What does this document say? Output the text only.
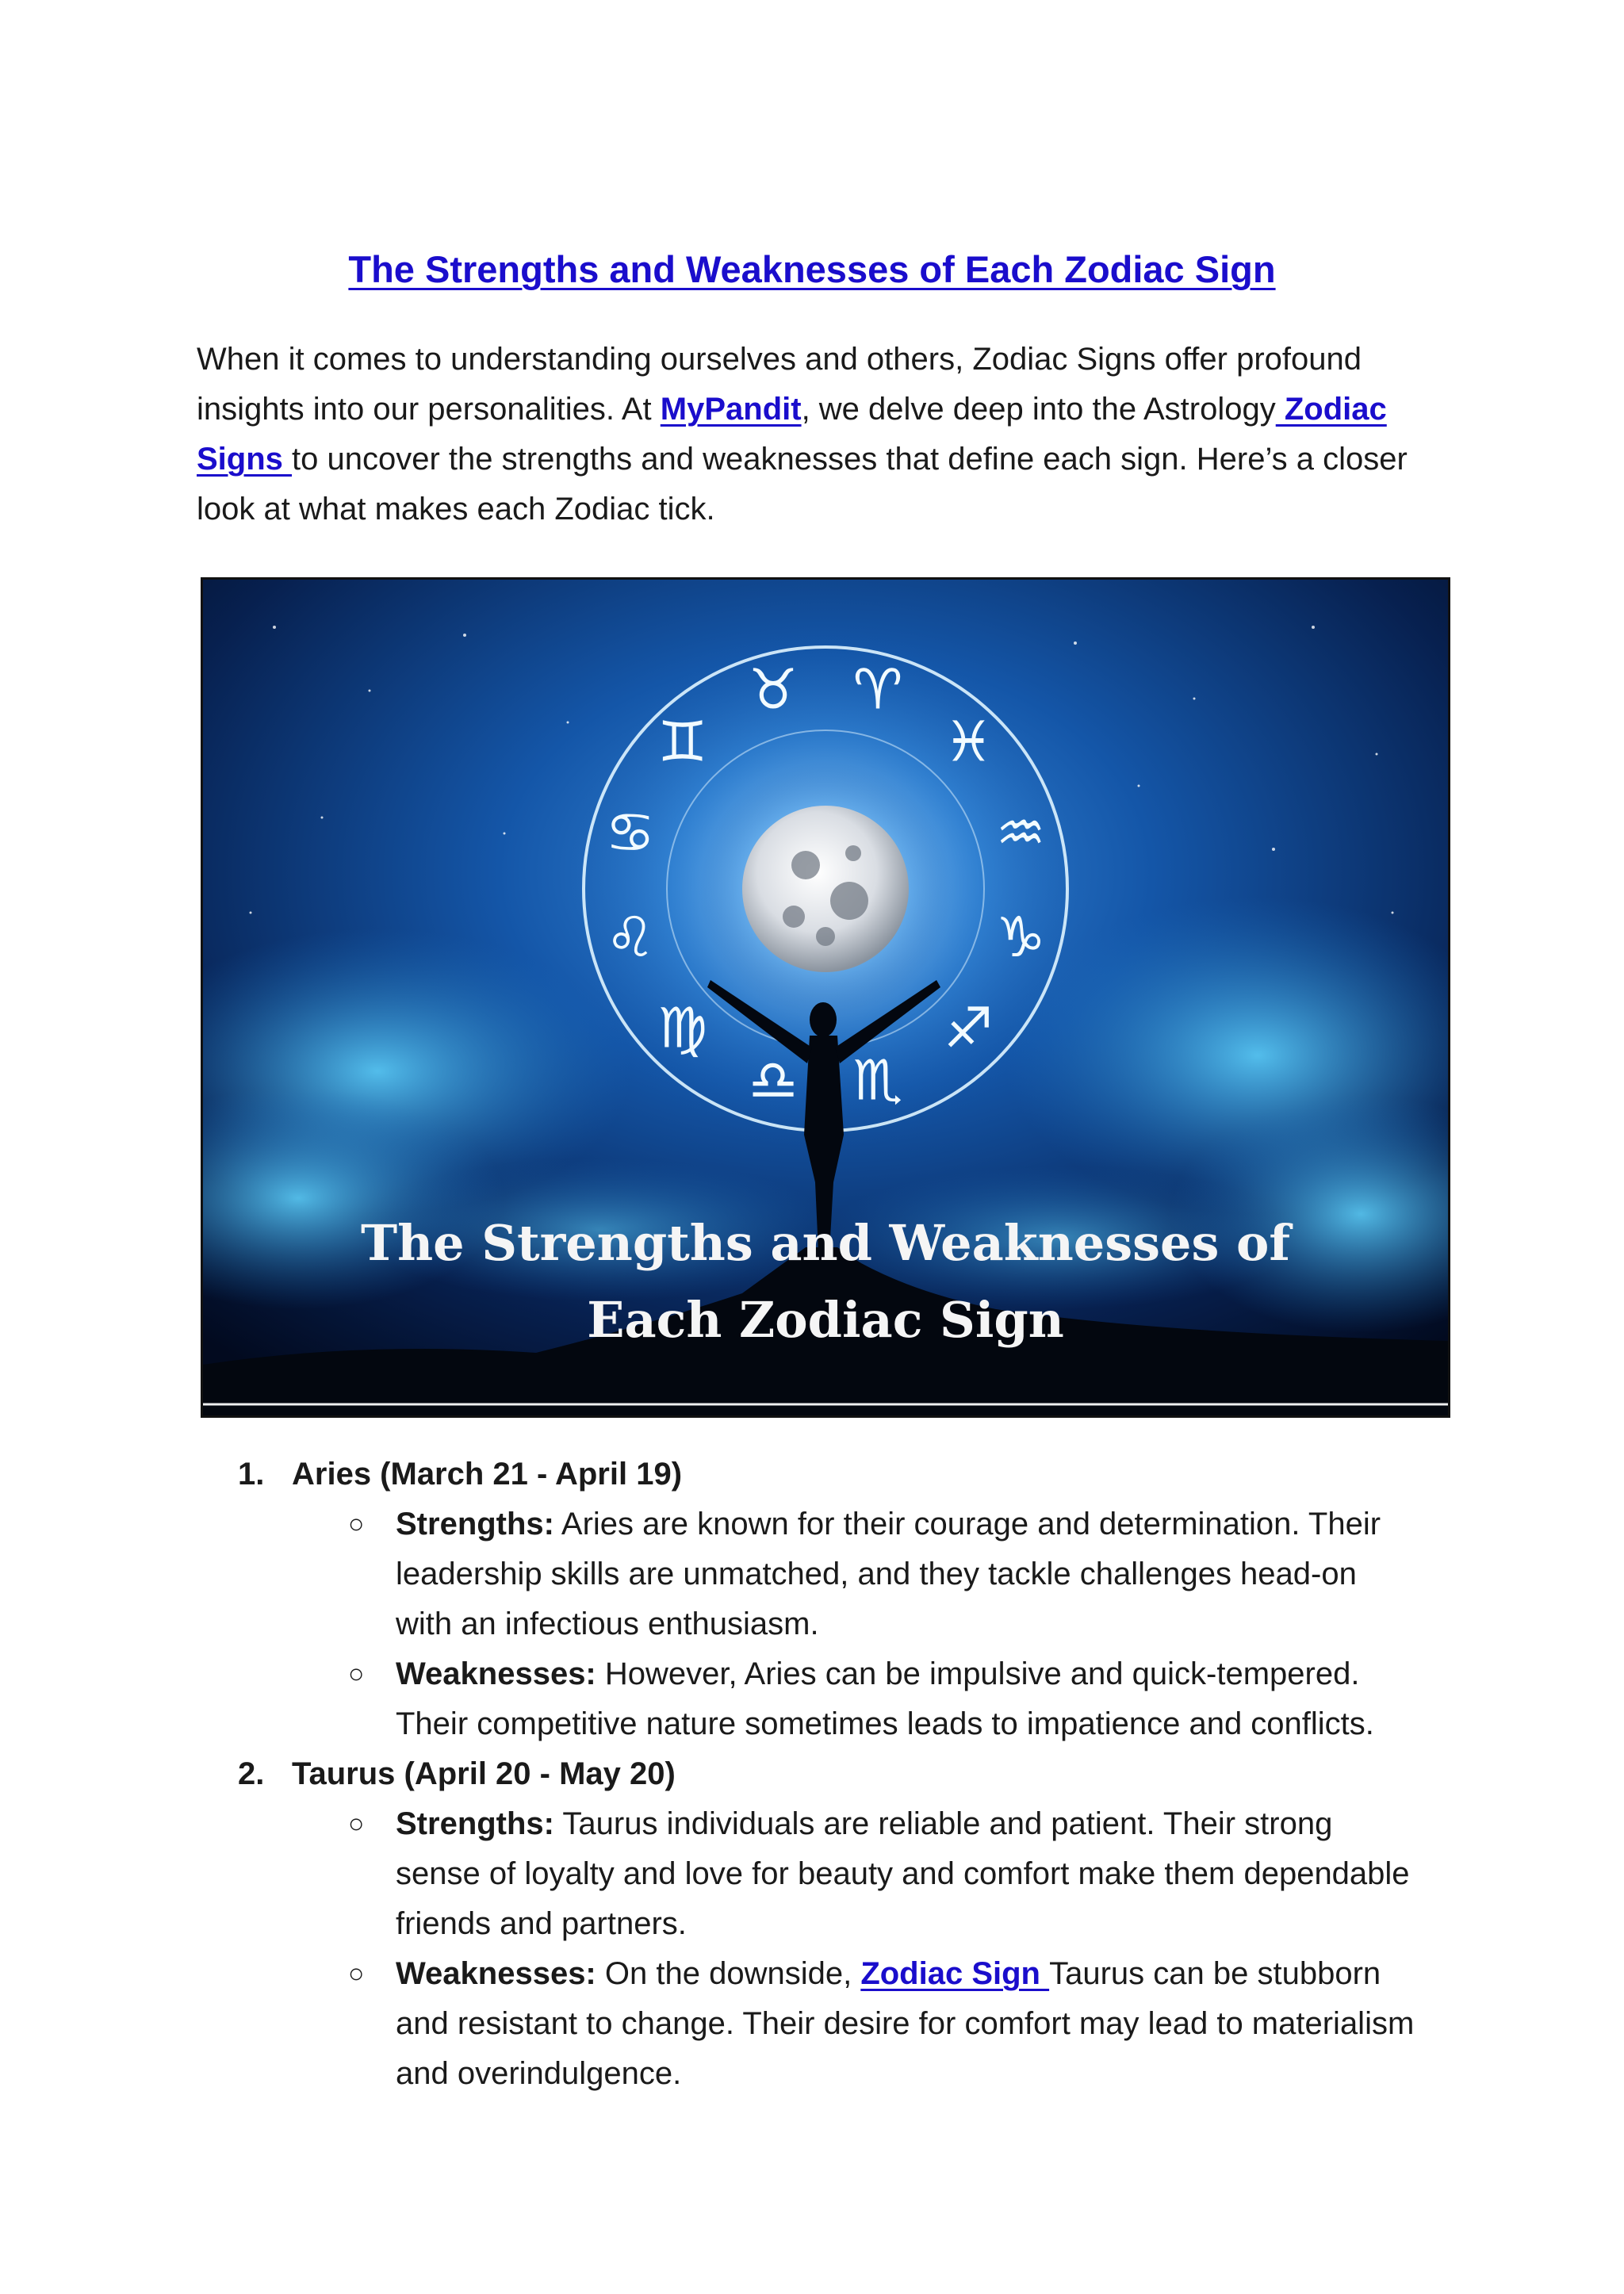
The Strengths and Weaknesses of Each Zodiac Sign
When it comes to understanding ourselves and others, Zodiac Signs offer profound insights into our personalities. At MyPandit, we delve deep into the Astrology Zodiac Signs to uncover the strengths and weaknesses that define each sign. Here’s a closer look at what makes each Zodiac tick.
♉ ♈
♓
♒
♑
♐
♏
♎
♍
♌
♋
♊
The Strengths and Weaknesses of
Each Zodiac Sign
1. Aries (March 21 - April 19)
○ Strengths: Aries are known for their courage and determination. Their leadership skills are unmatched, and they tackle challenges head-on with an infectious enthusiasm.
○ Weaknesses: However, Aries can be impulsive and quick-tempered. Their competitive nature sometimes leads to impatience and conflicts.
2. Taurus (April 20 - May 20)
○ Strengths: Taurus individuals are reliable and patient. Their strong sense of loyalty and love for beauty and comfort make them dependable friends and partners.
○ Weaknesses: On the downside, Zodiac Sign Taurus can be stubborn and resistant to change. Their desire for comfort may lead to materialism and overindulgence.
